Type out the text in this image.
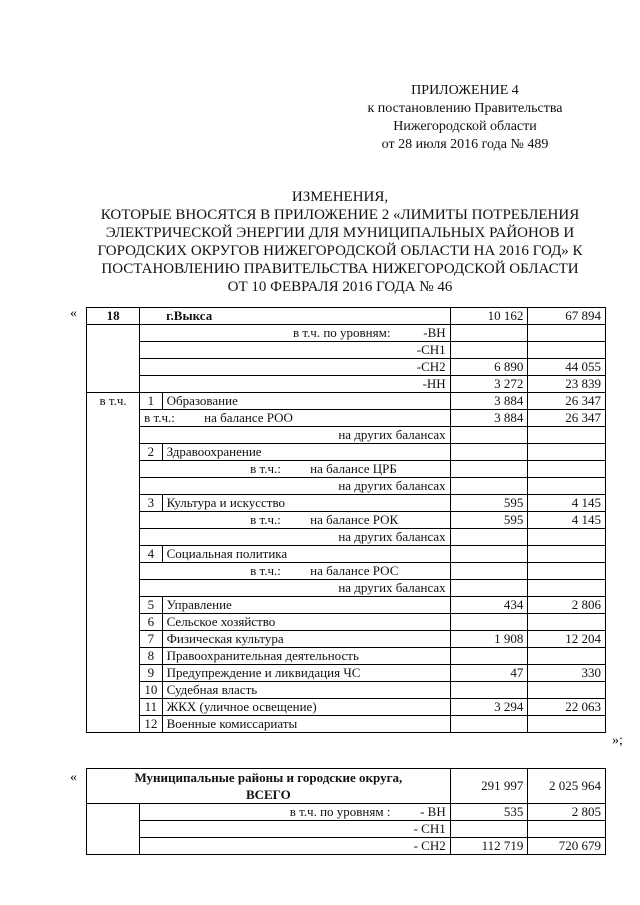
ПРИЛОЖЕНИЕ 4
к постановлению Правительства
Нижегородской области
от 28 июля 2016 года № 489
ИЗМЕНЕНИЯ,
КОТОРЫЕ ВНОСЯТСЯ В ПРИЛОЖЕНИЕ 2 «ЛИМИТЫ ПОТРЕБЛЕНИЯ
ЭЛЕКТРИЧЕСКОЙ ЭНЕРГИИ ДЛЯ МУНИЦИПАЛЬНЫХ РАЙОНОВ И
ГОРОДСКИХ ОКРУГОВ НИЖЕГОРОДСКОЙ ОБЛАСТИ НА 2016 ГОД» К
ПОСТАНОВЛЕНИЮ ПРАВИТЕЛЬСТВА НИЖЕГОРОДСКОЙ ОБЛАСТИ
ОТ 10 ФЕВРАЛЯ 2016 ГОДА № 46
« 18		г.Выкса	10 162	67 894
	в т.ч. по уровням: -ВН			
	-СН1			
	-СН2		6 890	44 055
	-НН		3 272	23 839
в т.ч.	1	Образование	3 884	26 347
	в т.ч.: на балансе РОО		3 884	26 347
	на других балансах			
	2	Здравоохранение		
	в т.ч.: на балансе ЦРБ			
	на других балансах			
	3	Культура и искусство	595	4 145
	в т.ч.: на балансе РОК		595	4 145
	на других балансах			
	4	Социальная политика		
	в т.ч.: на балансе РОС			
	на других балансах			
	5	Управление	434	2 806
	6	Сельское хозяйство		
	7	Физическая культура	1 908	12 204
	8	Правоохранительная деятельность		
	9	Предупреждение и ликвидация ЧС	47	330
	10	Судебная власть		
	11	ЖКХ (уличное освещение)	3 294	22 063
	12	Военные комиссариаты		
»;
«	Муниципальные районы и городские округа,
ВСЕГО		291 997	2 025 964
	в т.ч. по уровням : - ВН	535	2 805
	- СН1		
	- СН2	112 719	720 679
